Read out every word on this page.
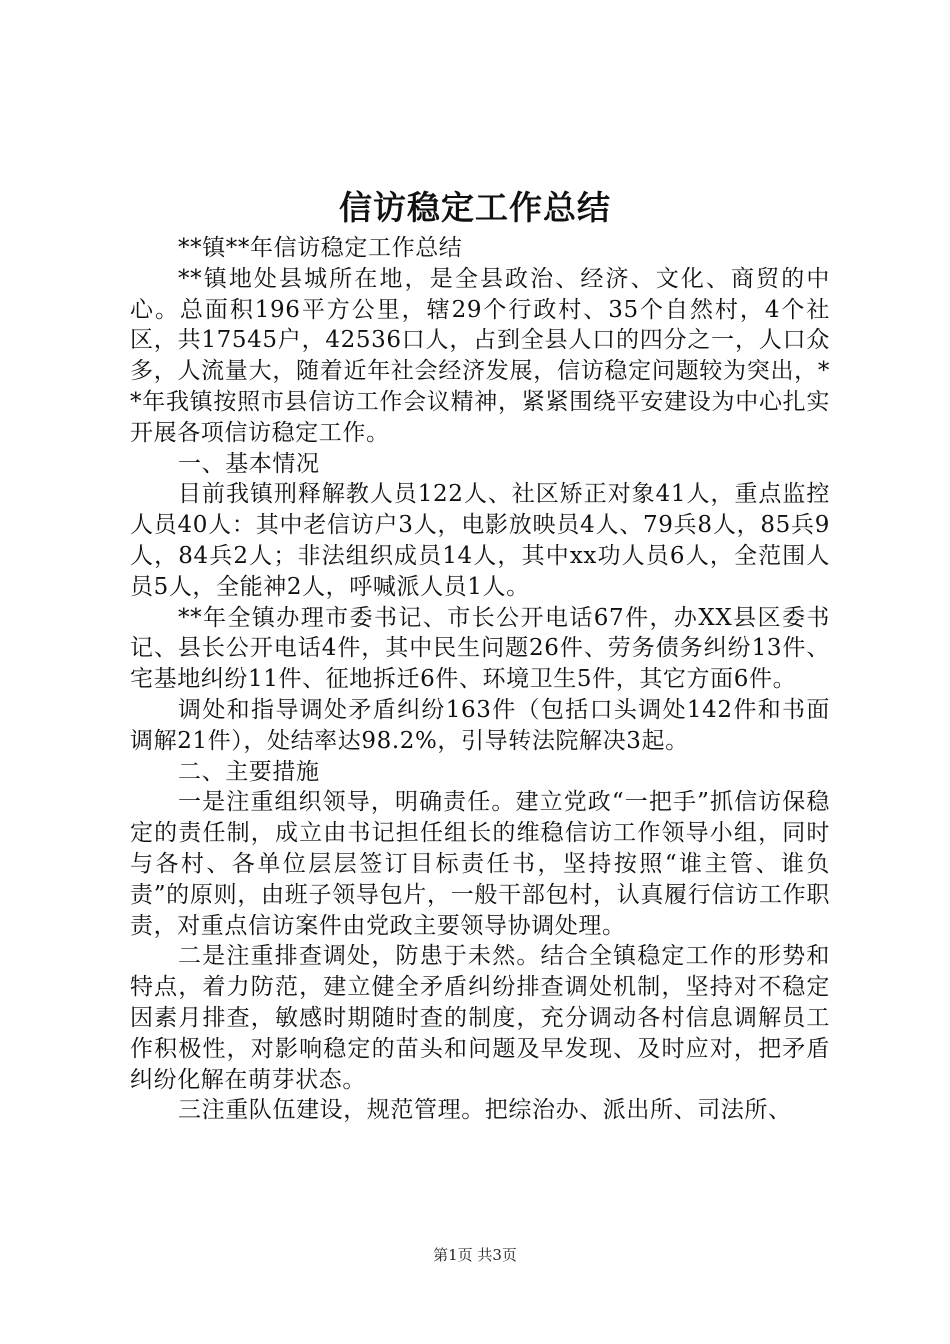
信访稳定工作总结

**镇**年信访稳定工作总结

**镇地处县城所在地，是全县政治、经济、文化、商贸的中心。总面积196平方公里，辖29个行政村、35个自然村，4个社区，共17545户，42536口人，占到全县人口的四分之一，人口众多，人流量大，随着近年社会经济发展，信访稳定问题较为突出，**年我镇按照市县信访工作会议精神，紧紧围绕平安建设为中心扎实开展各项信访稳定工作。

一、基本情况

目前我镇刑释解教人员122人、社区矫正对象41人，重点监控人员40人：其中老信访户3人，电影放映员4人、79兵8人，85兵9人，84兵2人；非法组织成员14人，其中xx功人员6人，全范围人员5人，全能神2人，呼喊派人员1人。

**年全镇办理市委书记、市长公开电话67件，办XX县区委书记、县长公开电话4件，其中民生问题26件、劳务债务纠纷13件、宅基地纠纷11件、征地拆迁6件、环境卫生5件，其它方面6件。

调处和指导调处矛盾纠纷163件（包括口头调处142件和书面调解21件），处结率达98.2%，引导转法院解决3起。

二、主要措施

一是注重组织领导，明确责任。建立党政“一把手”抓信访保稳定的责任制，成立由书记担任组长的维稳信访工作领导小组，同时与各村、各单位层层签订目标责任书，坚持按照“谁主管、谁负责”的原则，由班子领导包片，一般干部包村，认真履行信访工作职责，对重点信访案件由党政主要领导协调处理。

二是注重排查调处，防患于未然。结合全镇稳定工作的形势和特点，着力防范，建立健全矛盾纠纷排查调处机制，坚持对不稳定因素月排查，敏感时期随时查的制度，充分调动各村信息调解员工作积极性，对影响稳定的苗头和问题及早发现、及时应对，把矛盾纠纷化解在萌芽状态。

三注重队伍建设，规范管理。把综治办、派出所、司法所、

第1页 共3页
